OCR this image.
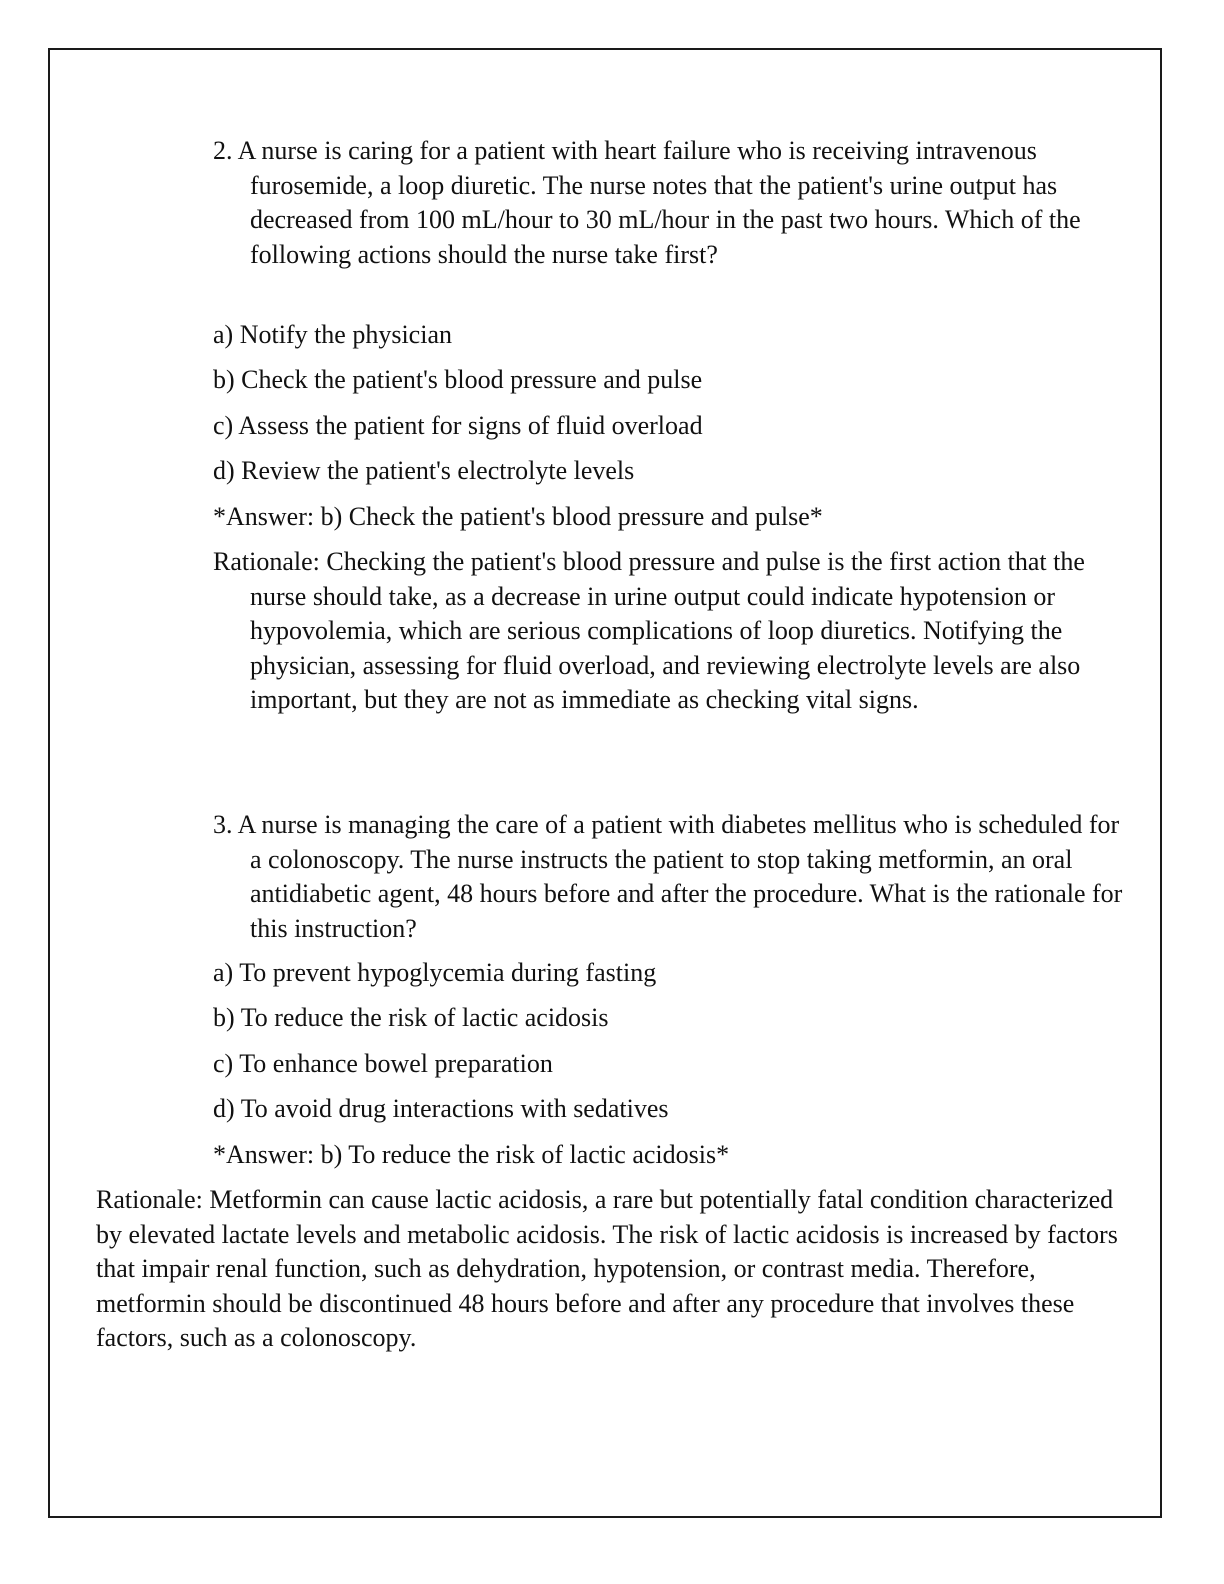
2. A nurse is caring for a patient with heart failure who is receiving intravenous furosemide, a loop diuretic. The nurse notes that the patient's urine output has decreased from 100 mL/hour to 30 mL/hour in the past two hours. Which of the following actions should the nurse take first?

a) Notify the physician

b) Check the patient's blood pressure and pulse

c) Assess the patient for signs of fluid overload

d) Review the patient's electrolyte levels

*Answer: b) Check the patient's blood pressure and pulse*

Rationale: Checking the patient's blood pressure and pulse is the first action that the nurse should take, as a decrease in urine output could indicate hypotension or hypovolemia, which are serious complications of loop diuretics. Notifying the physician, assessing for fluid overload, and reviewing electrolyte levels are also important, but they are not as immediate as checking vital signs.

3. A nurse is managing the care of a patient with diabetes mellitus who is scheduled for a colonoscopy. The nurse instructs the patient to stop taking metformin, an oral antidiabetic agent, 48 hours before and after the procedure. What is the rationale for this instruction?

a) To prevent hypoglycemia during fasting

b) To reduce the risk of lactic acidosis

c) To enhance bowel preparation

d) To avoid drug interactions with sedatives

*Answer: b) To reduce the risk of lactic acidosis*

Rationale: Metformin can cause lactic acidosis, a rare but potentially fatal condition characterized by elevated lactate levels and metabolic acidosis. The risk of lactic acidosis is increased by factors that impair renal function, such as dehydration, hypotension, or contrast media. Therefore, metformin should be discontinued 48 hours before and after any procedure that involves these factors, such as a colonoscopy.
